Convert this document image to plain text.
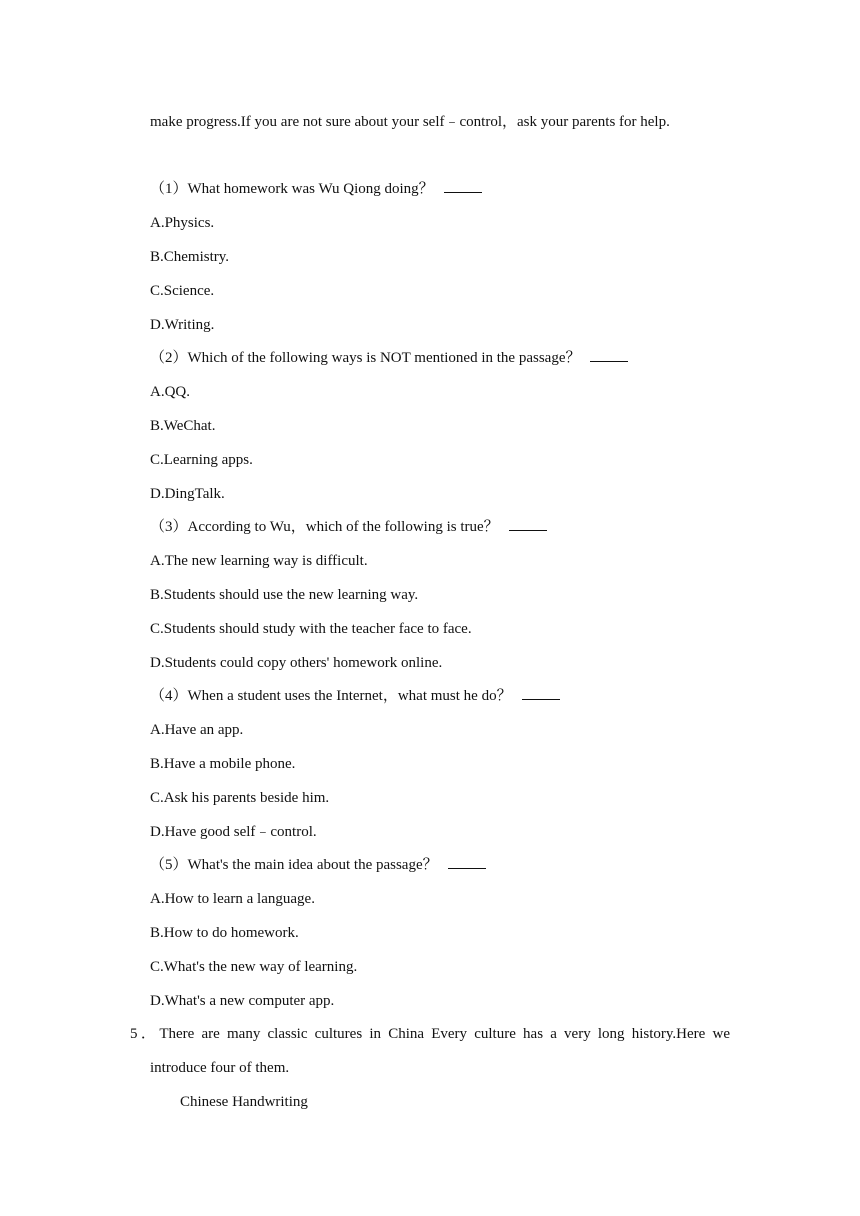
make progress.If you are not sure about your self﹣control，ask your parents for help.
（1）What homework was Wu Qiong doing？
A.Physics.
B.Chemistry.
C.Science.
D.Writing.
（2）Which of the following ways is NOT mentioned in the passage？
A.QQ.
B.WeChat.
C.Learning apps.
D.DingTalk.
（3）According to Wu，which of the following is true？
A.The new learning way is difficult.
B.Students should use the new learning way.
C.Students should study with the teacher face to face.
D.Students could copy others' homework online.
（4）When a student uses the Internet，what must he do？
A.Have an app.
B.Have a mobile phone.
C.Ask his parents beside him.
D.Have good self﹣control.
（5）What's the main idea about the passage？
A.How to learn a language.
B.How to do homework.
C.What's the new way of learning.
D.What's a new computer app.
5．There are many classic cultures in China Every culture has a very long history.Here we
introduce four of them.
Chinese Handwriting
